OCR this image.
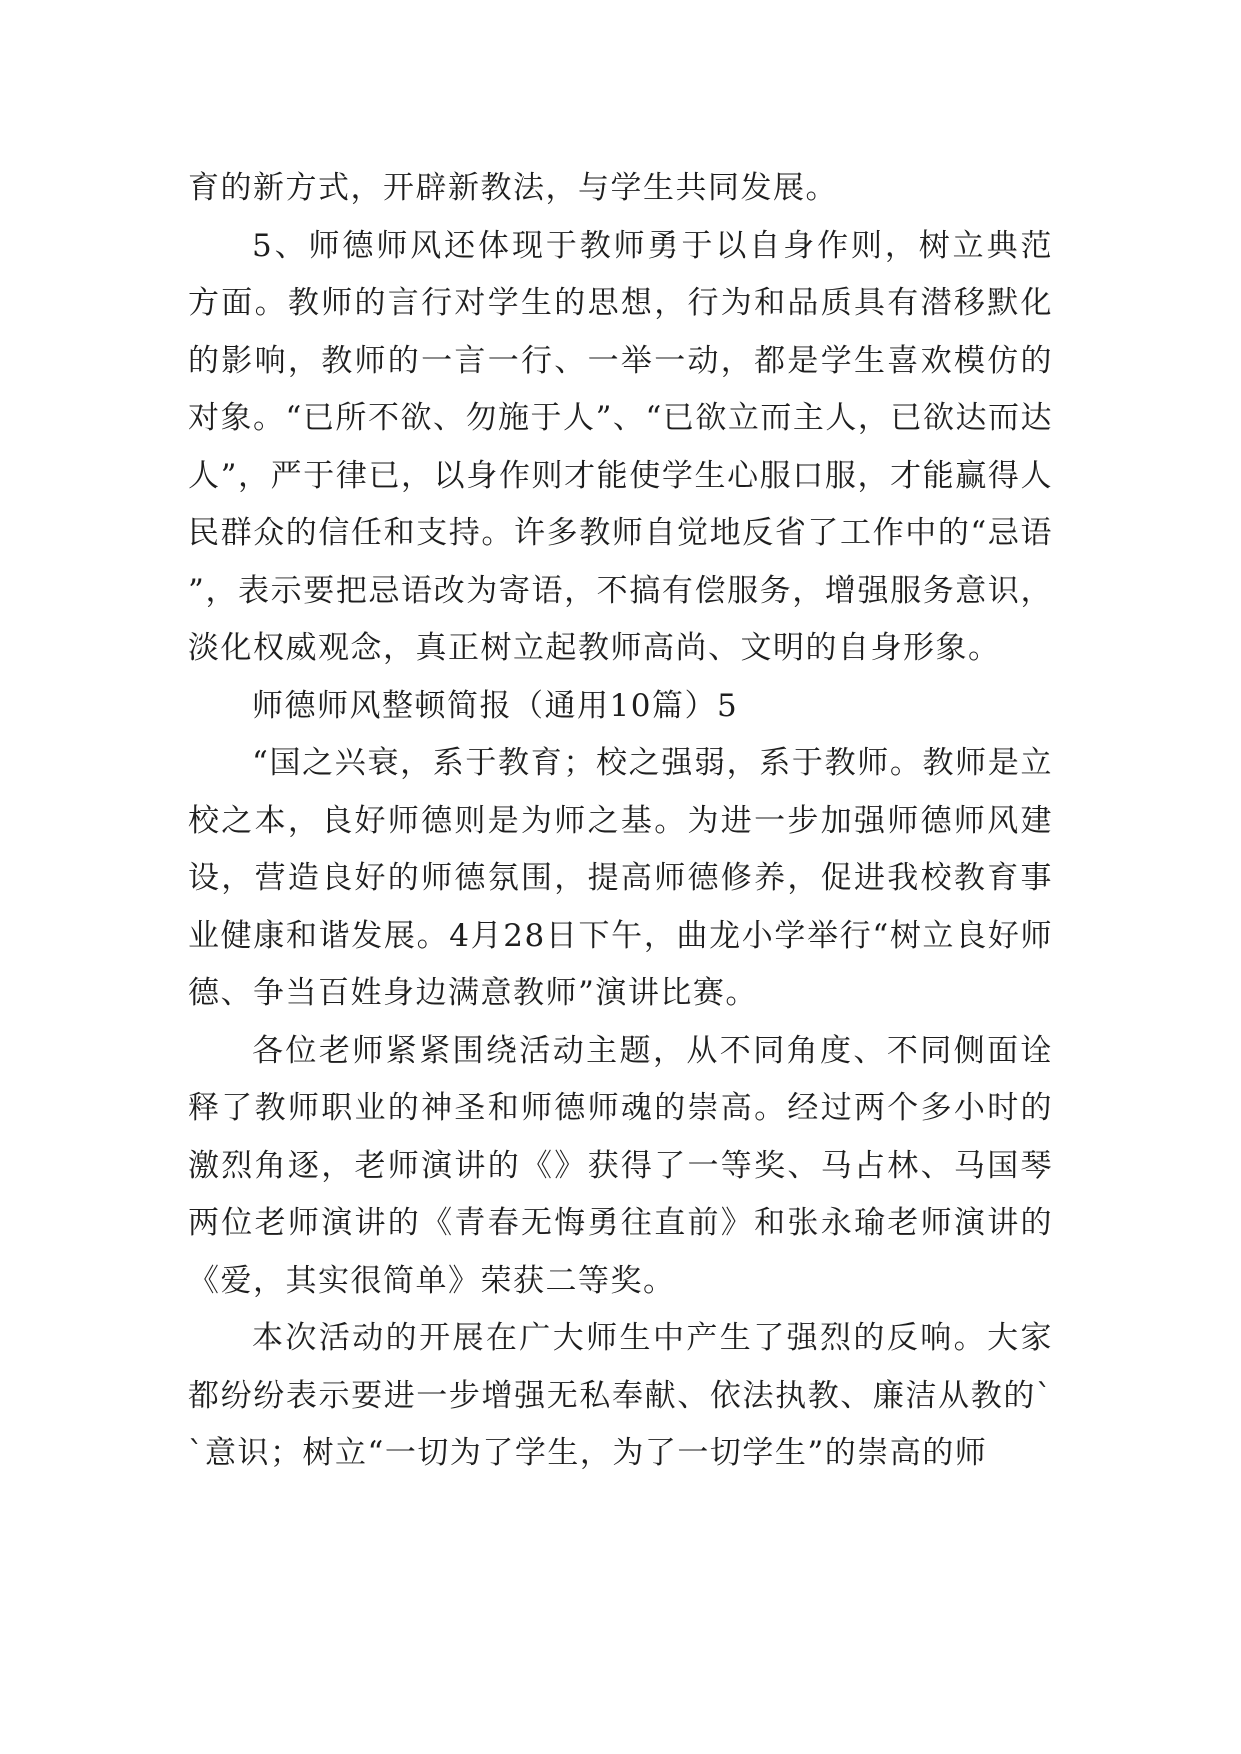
育的新方式，开辟新教法，与学生共同发展。

5、师德师风还体现于教师勇于以自身作则，树立典范方面。教师的言行对学生的思想，行为和品质具有潜移默化的影响，教师的一言一行、一举一动，都是学生喜欢模仿的对象。“已所不欲、勿施于人”、“已欲立而主人，已欲达而达人”，严于律已，以身作则才能使学生心服口服，才能赢得人民群众的信任和支持。许多教师自觉地反省了工作中的“忌语”，表示要把忌语改为寄语，不搞有偿服务，增强服务意识，淡化权威观念，真正树立起教师高尚、文明的自身形象。

师德师风整顿简报（通用10篇）5

“国之兴衰，系于教育；校之强弱，系于教师。教师是立校之本，良好师德则是为师之基。为进一步加强师德师风建设，营造良好的师德氛围，提高师德修养，促进我校教育事业健康和谐发展。4月28日下午，曲龙小学举行“树立良好师德、争当百姓身边满意教师”演讲比赛。

各位老师紧紧围绕活动主题，从不同角度、不同侧面诠释了教师职业的神圣和师德师魂的崇高。经过两个多小时的激烈角逐，老师演讲的《》获得了一等奖、马占林、马国琴两位老师演讲的《青春无悔勇往直前》和张永瑜老师演讲的《爱，其实很简单》荣获二等奖。

本次活动的开展在广大师生中产生了强烈的反响。大家都纷纷表示要进一步增强无私奉献、依法执教、廉洁从教的``意识；树立“一切为了学生，为了一切学生”的崇高的师
